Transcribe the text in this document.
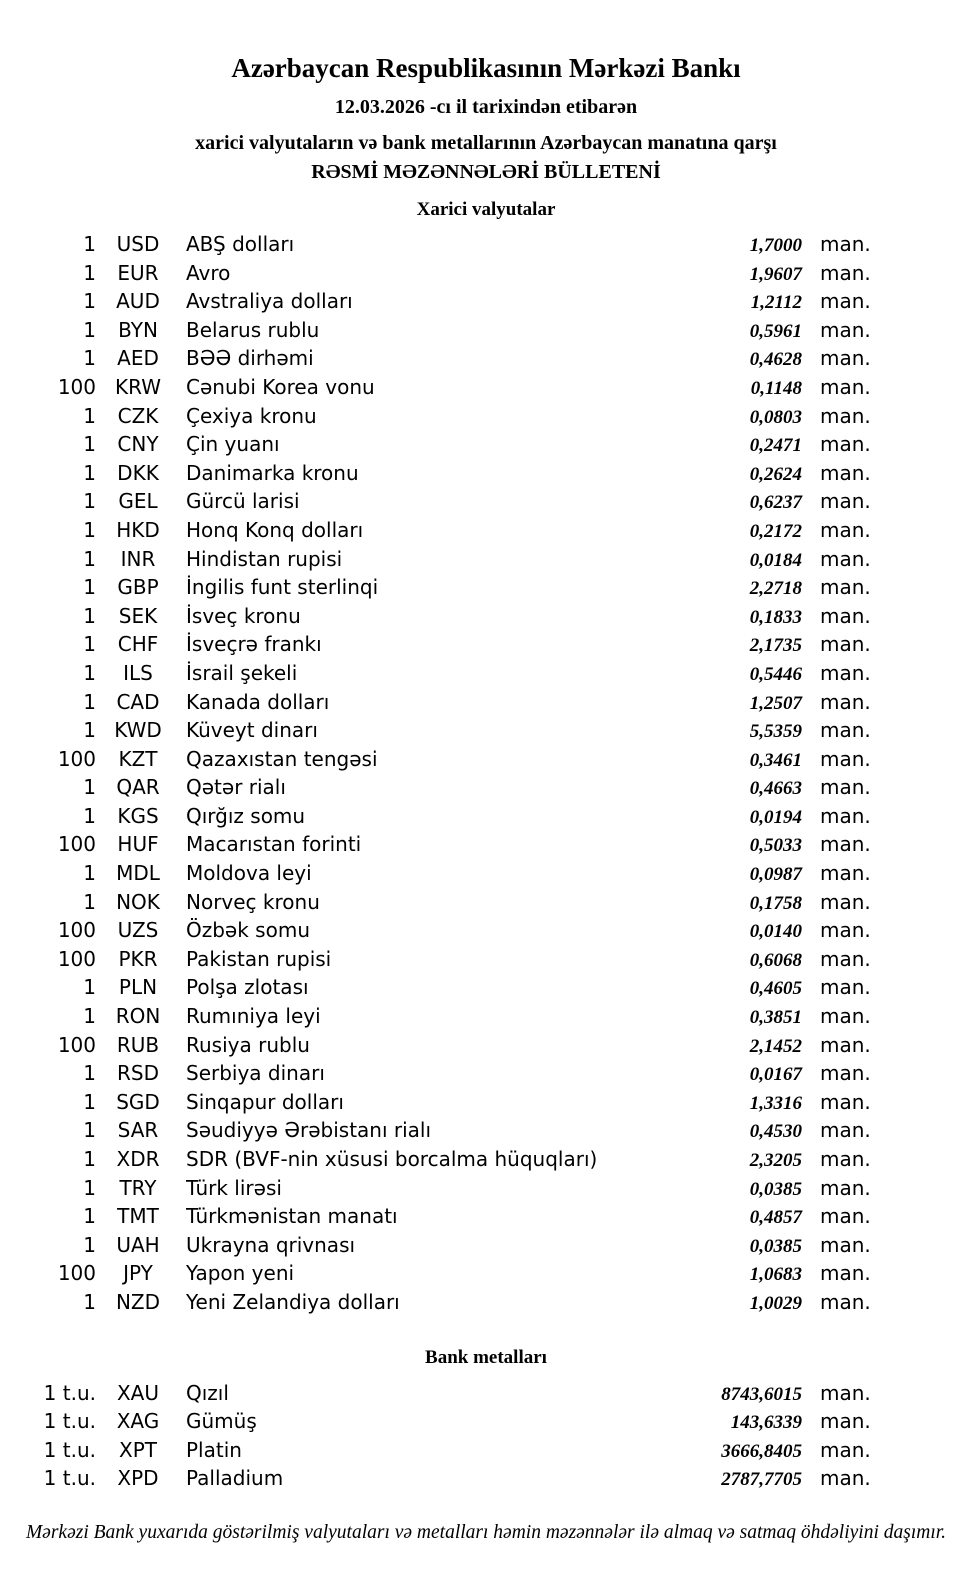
Azərbaycan Respublikasının Mərkəzi Bankı
12.03.2026 -cı il tarixindən etibarən
xarici valyutaların və bank metallarının Azərbaycan manatına qarşı
RƏSMİ MƏZƏNNƏLƏRİ BÜLLETENİ
Xarici valyutalar
1	USD	ABŞ dolları	1,7000 man.
1	EUR	Avro	1,9607 man.
1	AUD	Avstraliya dolları	1,2112 man.
1	BYN	Belarus rublu	0,5961 man.
1	AED	BƏƏ dirhəmi	0,4628 man.
100 KRW	Cənubi Korea vonu	0,1148 man.
1	CZK	Çexiya kronu	0,0803 man.
1	CNY	Çin yuanı	0,2471 man.
1	DKK	Danimarka kronu	0,2624 man.
1	GEL	Gürcü larisi	0,6237 man.
1	HKD	Honq Konq dolları	0,2172 man.
1	INR	Hindistan rupisi	0,0184 man.
1	GBP	İngilis funt sterlinqi	2,2718 man.
1	SEK	İsveç kronu	0,1833 man.
1	CHF	İsveçrə frankı	2,1735 man.
1	ILS	İsrail şekeli	0,5446 man.
1	CAD	Kanada dolları	1,2507 man.
1 KWD	Küveyt dinarı	5,5359 man.
100	KZT	Qazaxıstan tengəsi	0,3461 man.
1	QAR	Qətər rialı	0,4663 man.
1	KGS	Qırğız somu	0,0194 man.
100	HUF	Macarıstan forinti	0,5033 man.
1	MDL	Moldova leyi	0,0987 man.
1	NOK	Norveç kronu	0,1758 man.
100	UZS	Özbək somu	0,0140 man.
100	PKR	Pakistan rupisi	0,6068 man.
1	PLN	Polşa zlotası	0,4605 man.
1 RON	Rumıniya leyi	0,3851 man.
100	RUB	Rusiya rublu	2,1452 man.
1	RSD	Serbiya dinarı	0,0167 man.
1	SGD	Sinqapur dolları	1,3316 man.
1	SAR	Səudiyyə Ərəbistanı rialı	0,4530 man.
1	XDR	SDR (BVF-nin xüsusi borcalma hüquqları)	2,3205 man.
1	TRY	Türk lirəsi	0,0385 man.
1	TMT	Türkmənistan manatı	0,4857 man.
1	UAH	Ukrayna qrivnası	0,0385 man.
100	JPY	Yapon yeni	1,0683 man.
1 NZD	Yeni Zelandiya dolları	1,0029 man.
Bank metalları
1 t.u.	XAU	Qızıl	8743,6015 man.
1 t.u.	XAG	Gümüş	143,6339 man.
1 t.u.	XPT	Platin	3666,8405 man.
1 t.u.	XPD	Palladium	2787,7705 man.
Mərkəzi Bank yuxarıda göstərilmiş valyutaları və metalları həmin məzənnələr ilə almaq və satmaq öhdəliyini daşımır.
